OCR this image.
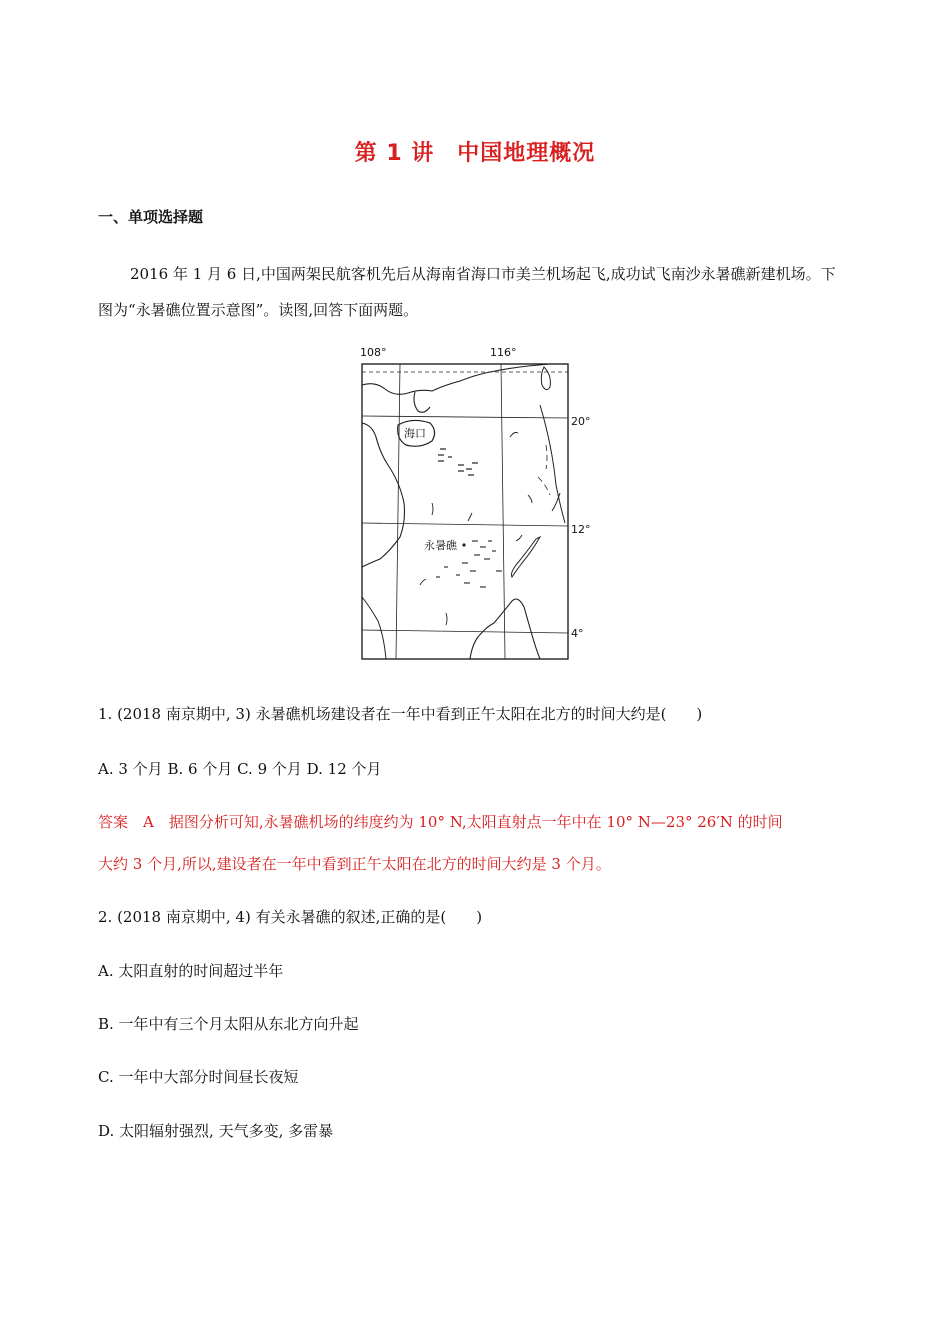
第 1 讲　中国地理概况
一、单项选择题
2016 年 1 月 6 日,中国两架民航客机先后从海南省海口市美兰机场起飞,成功试飞南沙永暑礁新建机场。下图为“永暑礁位置示意图”。读图,回答下面两题。
108°	116°
20°
12°
4°
海口
永暑礁
1. (2018 南京期中, 3) 永暑礁机场建设者在一年中看到正午太阳在北方的时间大约是(　　)
A. 3 个月 B. 6 个月 C. 9 个月 D. 12 个月
答案　A　据图分析可知,永暑礁机场的纬度约为 10° N,太阳直射点一年中在 10° N—23° 26′N 的时间
大约 3 个月,所以,建设者在一年中看到正午太阳在北方的时间大约是 3 个月。
2. (2018 南京期中, 4) 有关永暑礁的叙述,正确的是(　　)
A. 太阳直射的时间超过半年
B. 一年中有三个月太阳从东北方向升起
C. 一年中大部分时间昼长夜短
D. 太阳辐射强烈, 天气多变, 多雷暴
